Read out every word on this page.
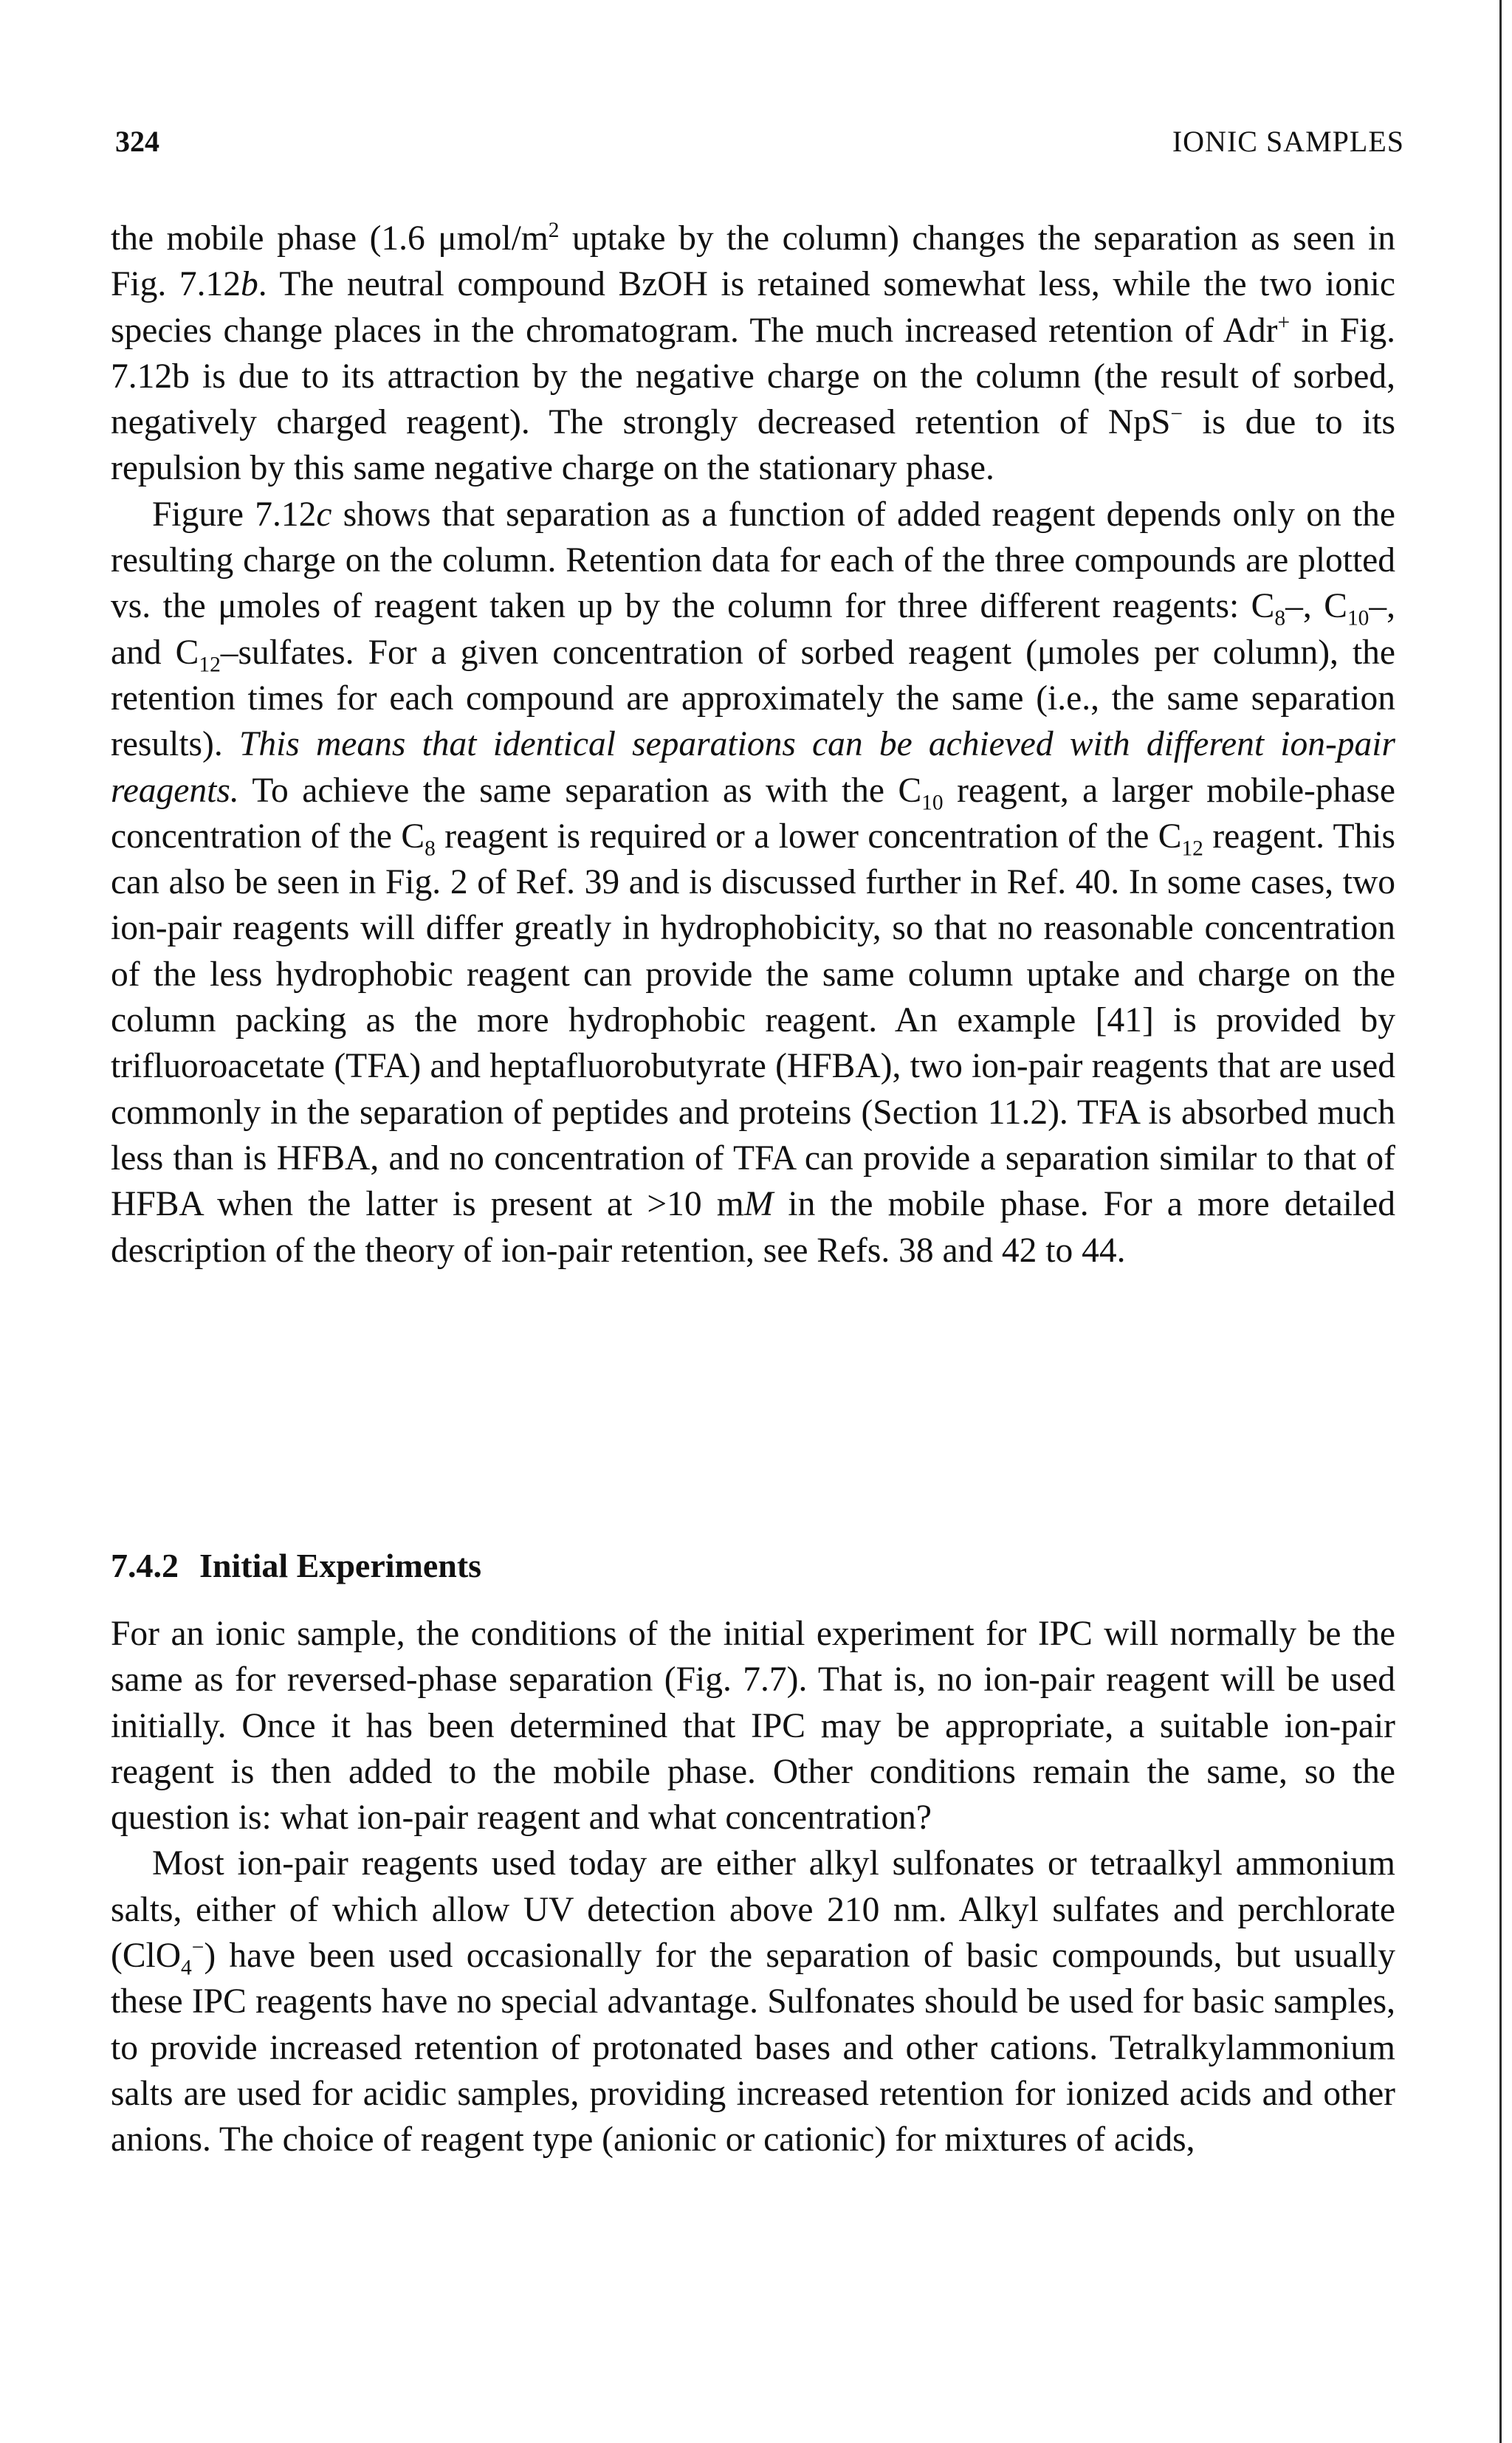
324	IONIC SAMPLES

the mobile phase (1.6 μmol/$m^2$ uptake by the column) changes the separation as seen in Fig. 7.12b. The neutral compound BzOH is retained somewhat less, while the two ionic species change places in the chromatogram. The much increased retention of Adr+ in Fig. 7.12b is due to its attraction by the negative charge on the column (the result of sorbed, negatively charged reagent). The strongly decreased retention of NpS− is due to its repulsion by this same negative charge on the stationary phase.

Figure 7.12c shows that separation as a function of added reagent depends only on the resulting charge on the column. Retention data for each of the three compounds are plotted vs. the μmoles of reagent taken up by the column for three different reagents: $C_8-$, $C_{10}-$, and $C_{12}$–sulfates. For a given concentration of sorbed reagent (μmoles per column), the retention times for each compound are approximately the same (i.e., the same separation results). This means that identical separations can be achieved with different ion-pair reagents. To achieve the same separation as with the $C_{10}$ reagent, a larger mobile-phase concentration of the $C_8$ reagent is required or a lower concentration of the $C_{12}$ reagent. This can also be seen in Fig. 2 of Ref. 39 and is discussed further in Ref. 40. In some cases, two ion-pair reagents will differ greatly in hydrophobicity, so that no reasonable concentration of the less hydrophobic reagent can provide the same column uptake and charge on the column packing as the more hydrophobic reagent. An example [41] is provided by trifluoroacetate (TFA) and heptafluorobutyrate (HFBA), two ion-pair reagents that are used commonly in the separation of peptides and proteins (Section 11.2). TFA is absorbed much less than is HFBA, and no concentration of TFA can provide a separation similar to that of HFBA when the latter is present at >10 mM in the mobile phase. For a more detailed description of the theory of ion-pair retention, see Refs. 38 and 42 to 44.

7.4.2 Initial Experiments

For an ionic sample, the conditions of the initial experiment for IPC will normally be the same as for reversed-phase separation (Fig. 7.7). That is, no ion-pair reagent will be used initially. Once it has been determined that IPC may be appropriate, a suitable ion-pair reagent is then added to the mobile phase. Other conditions remain the same, so the question is: what ion-pair reagent and what concentration?

Most ion-pair reagents used today are either alkyl sulfonates or tetraalkyl ammonium salts, either of which allow UV detection above 210 nm. Alkyl sulfates and perchlorate (ClO$_4$−) have been used occasionally for the separation of basic compounds, but usually these IPC reagents have no special advantage. Sulfonates should be used for basic samples, to provide increased retention of protonated bases and other cations. Tetralkylammonium salts are used for acidic samples, providing increased retention for ionized acids and other anions. The choice of reagent type (anionic or cationic) for mixtures of acids,
